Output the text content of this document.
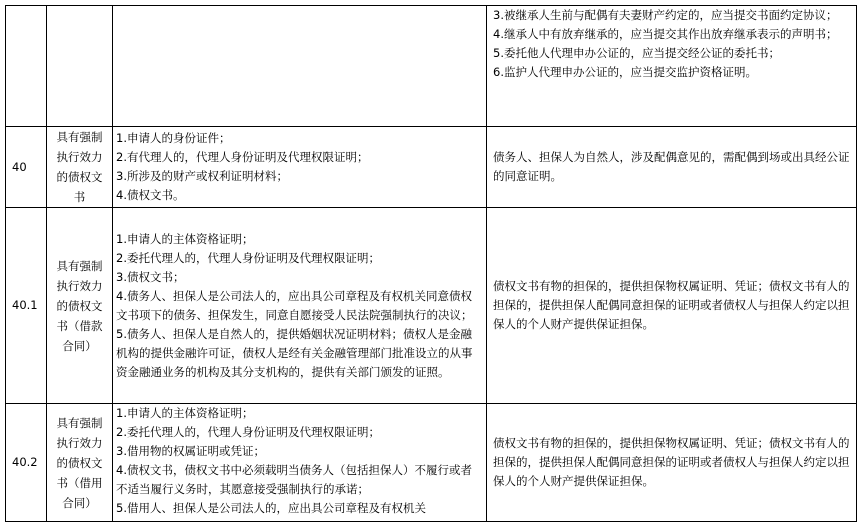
			3.被继承人生前与配偶有夫妻财产约定的，应当提交书面约定协议；
4.继承人中有放弃继承的，应当提交其作出放弃继承表示的声明书；
5.委托他人代理申办公证的，应当提交经公证的委托书；
6.监护人代理申办公证的，应当提交监护资格证明。

40	具有强制执行效力的债权文书	1.申请人的身份证件；
2.有代理人的，代理人身份证明及代理权限证明；
3.所涉及的财产或权利证明材料；
4.债权文书。	债务人、担保人为自然人，涉及配偶意见的，需配偶到场或出具经公证的同意证明。

40.1	具有强制执行效力的债权文书（借款合同）	1.申请人的主体资格证明；
2.委托代理人的，代理人身份证明及代理权限证明；
3.债权文书；
4.债务人、担保人是公司法人的，应出具公司章程及有权机关同意债权文书项下的债务、担保发生，同意自愿接受人民法院强制执行的决议；
5.债务人、担保人是自然人的，提供婚姻状况证明材料；债权人是金融机构的提供金融许可证，债权人是经有关金融管理部门批准设立的从事资金融通业务的机构及其分支机构的，提供有关部门颁发的证照。	债权文书有物的担保的，提供担保物权属证明、凭证；债权文书有人的担保的，提供担保人配偶同意担保的证明或者债权人与担保人约定以担保人的个人财产提供保证担保。

40.2	具有强制执行效力的债权文书（借用合同）	1.申请人的主体资格证明；
2.委托代理人的，代理人身份证明及代理权限证明；
3.借用物的权属证明或凭证；
4.债权文书，债权文书中必须载明当债务人（包括担保人）不履行或者不适当履行义务时，其愿意接受强制执行的承诺；
5.借用人、担保人是公司法人的，应出具公司章程及有权机关	债权文书有物的担保的，提供担保物权属证明、凭证；债权文书有人的担保的，提供担保人配偶同意担保的证明或者债权人与担保人约定以担保人的个人财产提供保证担保。
